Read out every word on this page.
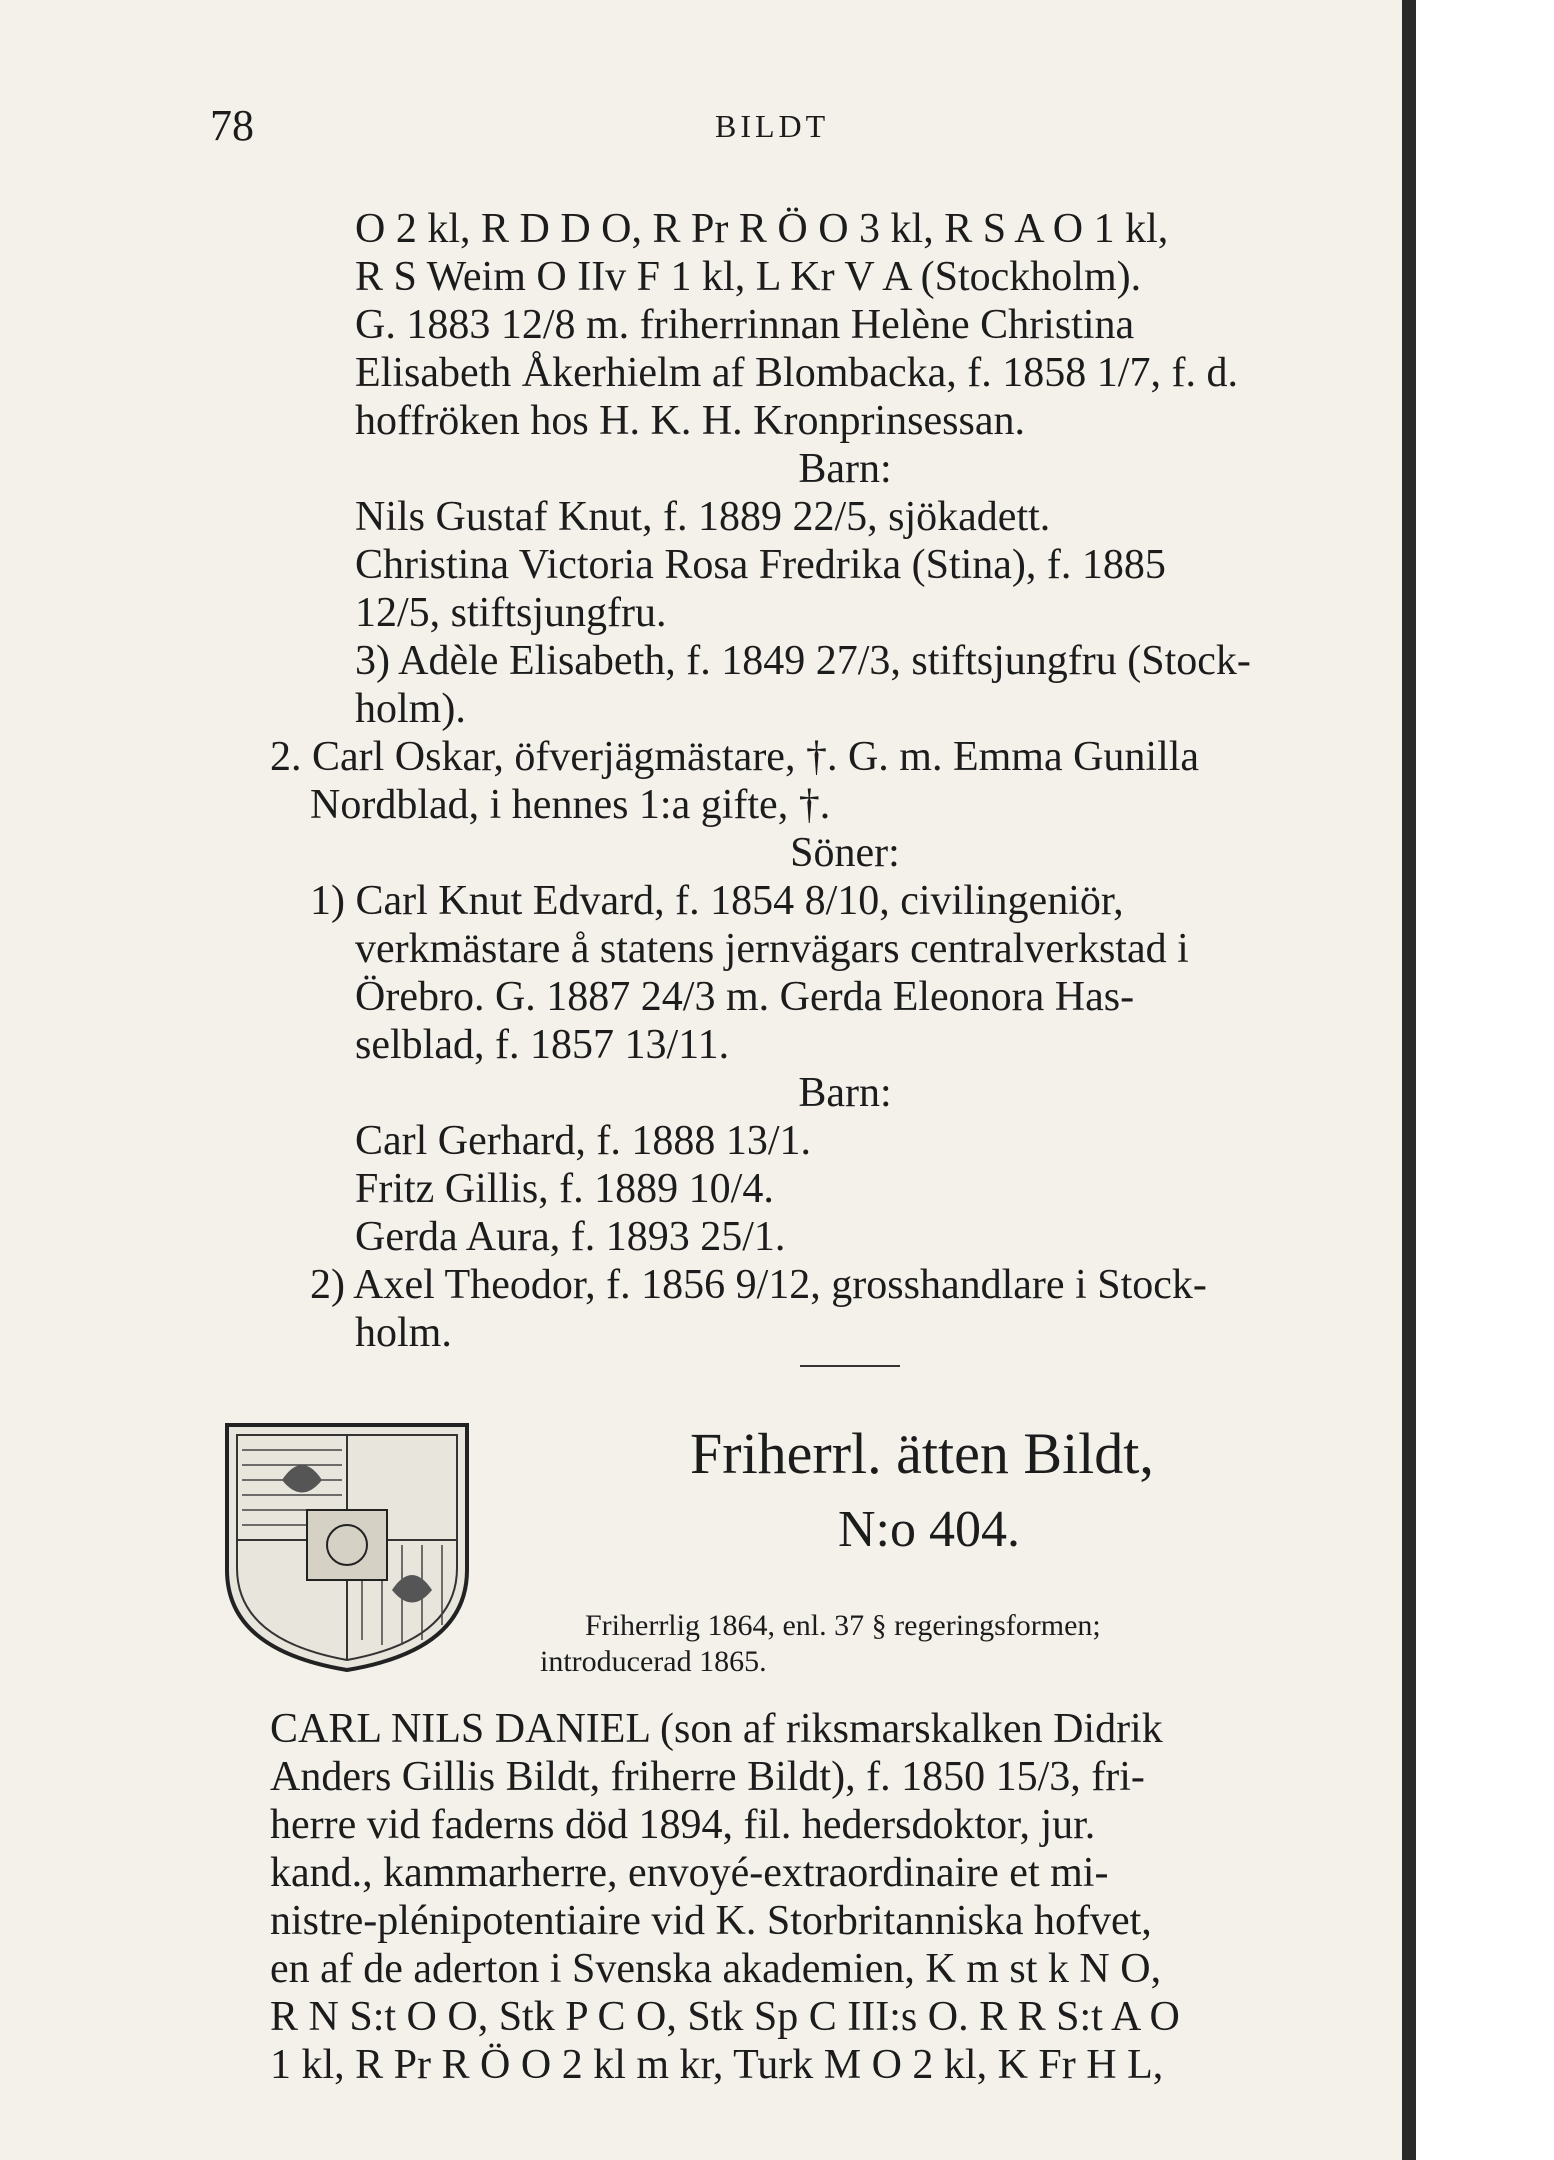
78	BILDT
O 2 kl, R D D O, R Pr R Ö O 3 kl, R S A O 1 kl,
R S Weim O IIv F 1 kl, L Kr V A (Stockholm).
G. 1883 12/8 m. friherrinnan Helène Christina
Elisabeth Åkerhielm af Blombacka, f. 1858 1/7, f. d.
hoffröken hos H. K. H. Kronprinsessan.
Barn:
Nils Gustaf Knut, f. 1889 22/5, sjökadett.
Christina Victoria Rosa Fredrika (Stina), f. 1885
12/5, stiftsjungfru.
3) Adèle Elisabeth, f. 1849 27/3, stiftsjungfru (Stock-
holm).
2. Carl Oskar, öfverjägmästare, †. G. m. Emma Gunilla
Nordblad, i hennes 1:a gifte, †.
Söner:
1) Carl Knut Edvard, f. 1854 8/10, civilingeniör,
verkmästare å statens jernvägars centralverkstad i
Örebro. G. 1887 24/3 m. Gerda Eleonora Has-
selblad, f. 1857 13/11.
Barn:
Carl Gerhard, f. 1888 13/1.
Fritz Gillis, f. 1889 10/4.
Gerda Aura, f. 1893 25/1.
2) Axel Theodor, f. 1856 9/12, grosshandlare i Stock-
holm.
Friherrl. ätten Bildt,
N:o 404.
Friherrlig 1864, enl. 37 § regeringsformen;
introducerad 1865.
CARL NILS DANIEL (son af riksmarskalken Didrik
Anders Gillis Bildt, friherre Bildt), f. 1850 15/3, fri-
herre vid faderns död 1894, fil. hedersdoktor, jur.
kand., kammarherre, envoyé-extraordinaire et mi-
nistre-plénipotentiaire vid K. Storbritanniska hofvet,
en af de aderton i Svenska akademien, K m st k N O,
R N S:t O O, Stk P C O, Stk Sp C III:s O. R R S:t A O
1 kl, R Pr R Ö O 2 kl m kr, Turk M O 2 kl, K Fr H L,
